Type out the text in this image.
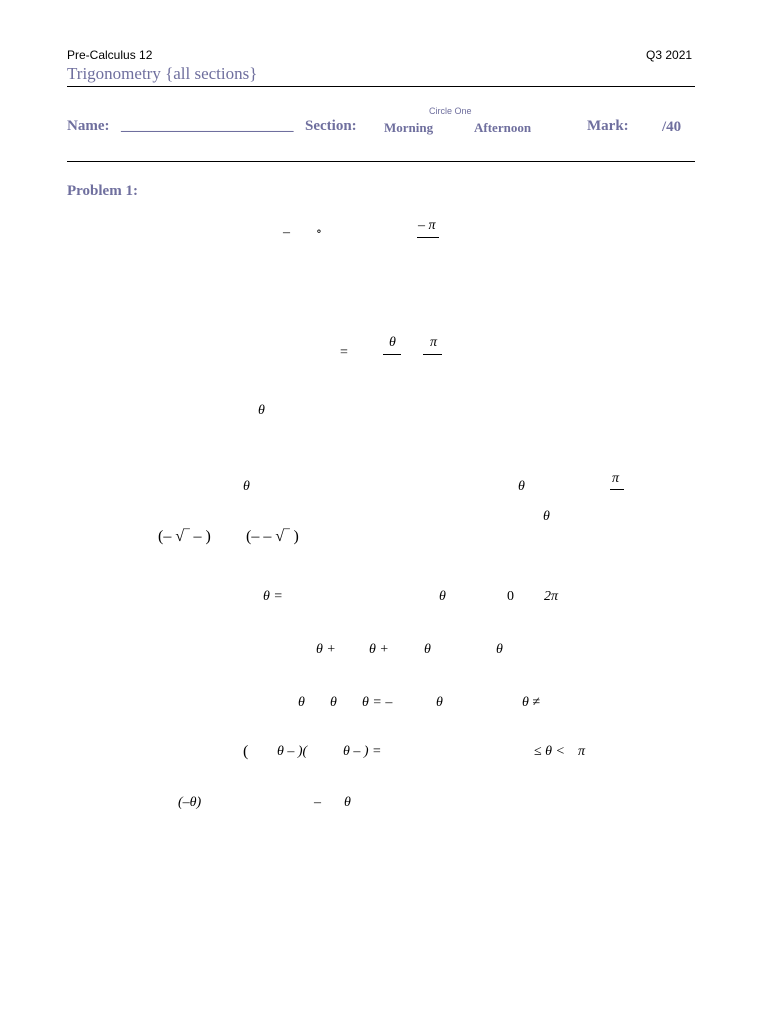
Pre-Calculus 12	Q3 2021
Trigonometry {all sections}
Circle One
Name: _______________________ Section: Morning	Afternoon	Mark: /40
Problem 1:
– ∘	– π
=
θ π
θ
θ	θ
π
θ
(– √‾ – ) (– – √‾ )
θ =	θ	0 2π
θ + θ +	θ	θ
θ θ θ = –	θ	θ ≠
( θ – )(	θ – ) =	≤ θ < π
(–θ)	– θ
